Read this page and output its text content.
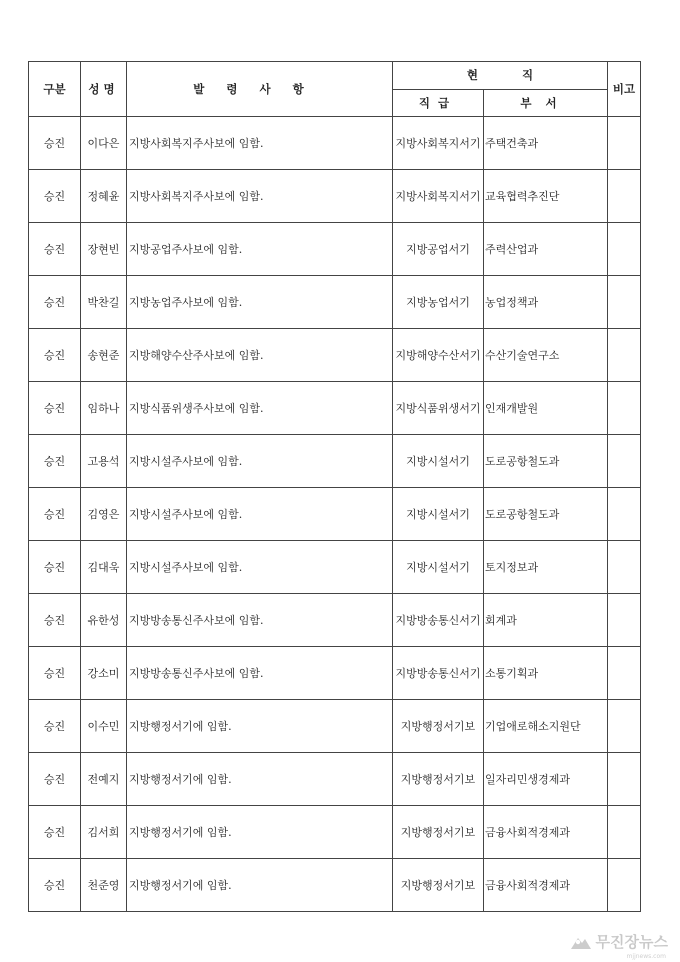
구분	성명	발령사항	현직		비고
			직급	부서	
승진	이다은	지방사회복지주사보에 임함.	지방사회복지서기	주택건축과	
승진	정혜윤	지방사회복지주사보에 임함.	지방사회복지서기	교육협력추진단	
승진	장현빈	지방공업주사보에 임함.	지방공업서기	주력산업과	
승진	박찬길	지방농업주사보에 임함.	지방농업서기	농업정책과	
승진	송현준	지방해양수산주사보에 임함.	지방해양수산서기	수산기술연구소	
승진	임하나	지방식품위생주사보에 임함.	지방식품위생서기	인재개발원	
승진	고용석	지방시설주사보에 임함.	지방시설서기	도로공항철도과	
승진	김영은	지방시설주사보에 임함.	지방시설서기	도로공항철도과	
승진	김대욱	지방시설주사보에 임함.	지방시설서기	토지정보과	
승진	유한성	지방방송통신주사보에 임함.	지방방송통신서기	회계과	
승진	강소미	지방방송통신주사보에 임함.	지방방송통신서기	소통기획과	
승진	이수민	지방행정서기에 임함.	지방행정서기보	기업애로해소지원단	
승진	전예지	지방행정서기에 임함.	지방행정서기보	일자리민생경제과	
승진	김서희	지방행정서기에 임함.	지방행정서기보	금융사회적경제과	
승진	천준영	지방행정서기에 임함.	지방행정서기보	금융사회적경제과	
무진장뉴스
mjjnews.com
